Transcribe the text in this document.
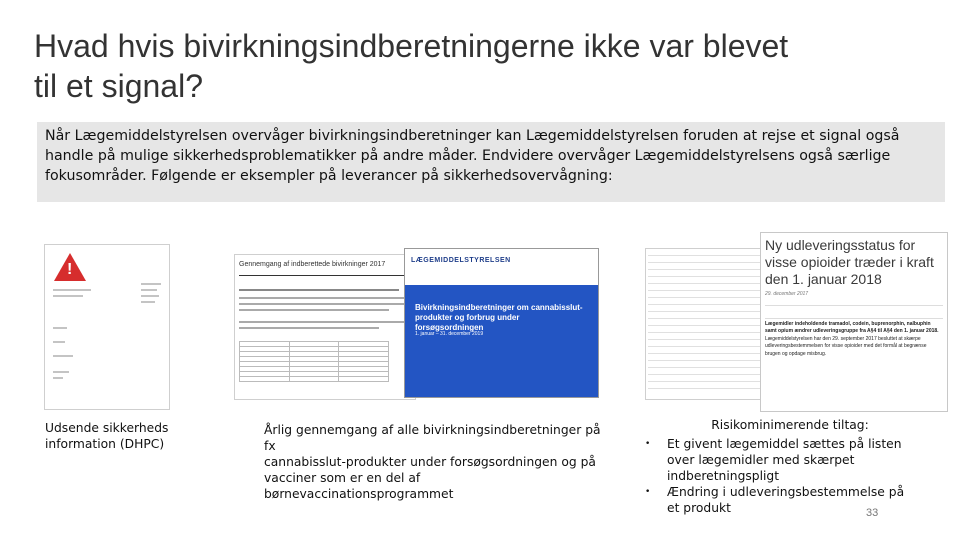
Hvad hvis bivirkningsindberetningerne ikke var blevet
til et signal?

Når Lægemiddelstyrelsen overvåger bivirkningsindberetninger kan Lægemiddelstyrelsen foruden at rejse et signal også handle på mulige sikkerhedsproblematikker på andre måder. Endvidere overvåger Lægemiddelstyrelsens også særlige fokusområder. Følgende er eksempler på leverancer på sikkerhedsovervågning:

!
Gennemgang af indberettede bivirkninger 2017

LÆGEMIDDELSTYRELSEN
Bivirkningsindberetninger om cannabisslut-produkter og forbrug under forsøgsordningen
1. januar – 31. december 2019
Ny udleveringsstatus for visse opioider træder i kraft den 1. januar 2018
29. december 2017
Lægemidler indeholdende tramadol, codein, buprenorphin, nalbuphin samt opium ændrer udleveringsgruppe fra A§4 til A§4 den 1. januar 2018.
Lægemiddelstyrelsen har den 29. september 2017 besluttet at skærpe udleveringsbestemmelsen for visse opioider med det formål at begrænse brugen og opdage misbrug.
Udsende sikkerheds
information (DHPC)
Årlig gennemgang af alle bivirkningsindberetninger på fx
cannabisslut-produkter under forsøgsordningen og på
vacciner som er en del af børnevaccinationsprogrammet
Risikominimerende tiltag:
• Et givent lægemiddel sættes på listen over lægemidler med skærpet indberetningspligt
• Ændring i udleveringsbestemmelse på et produkt	33
